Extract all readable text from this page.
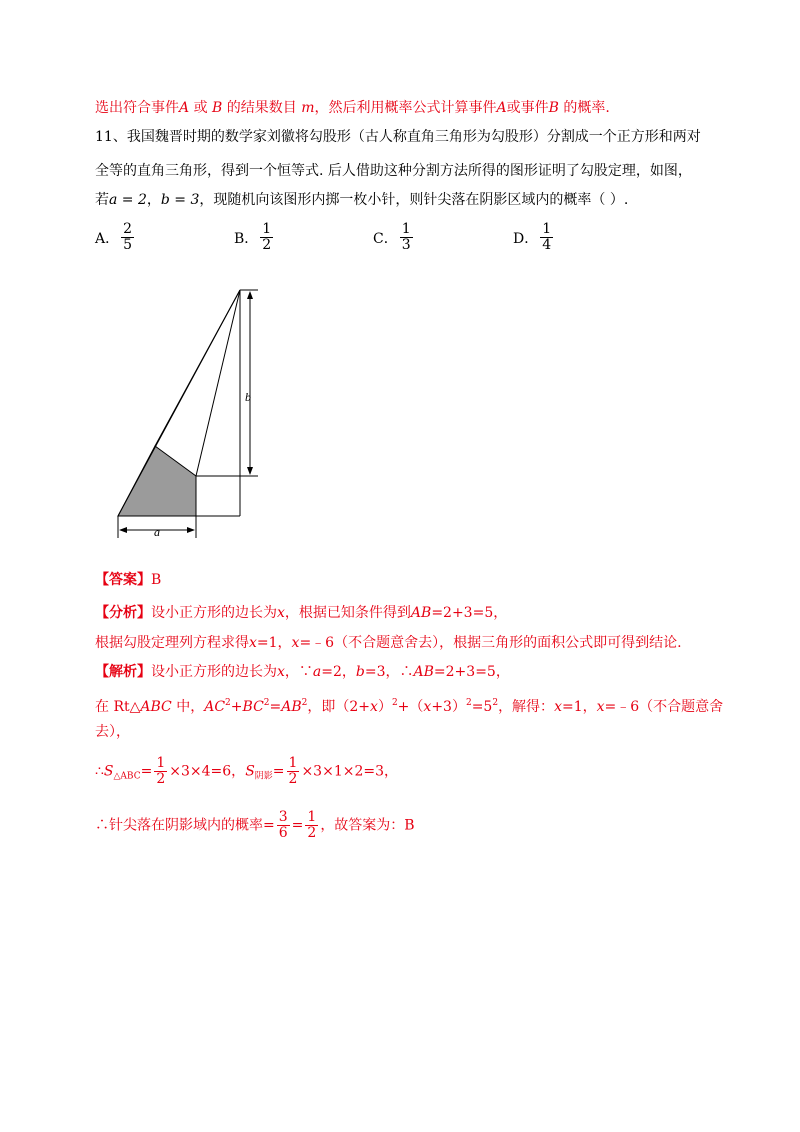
选出符合事件A 或 B 的结果数目 m，然后利用概率公式计算事件A或事件B 的概率.
11、我国魏晋时期的数学家刘徽将勾股形（古人称直角三角形为勾股形）分割成一个正方形和两对
全等的直角三角形，得到一个恒等式. 后人借助这种分割方法所得的图形证明了勾股定理，如图，
若a = 2，b = 3，现随机向该图形内掷一枚小针，则针尖落在阴影区域内的概率（ ）.
A． $\frac{2}{5}$	B． $\frac{1}{2}$	C． $\frac{1}{3}$	D． $\frac{1}{4}$
b
a
【答案】B
【分析】设小正方形的边长为x，根据已知条件得到AB=2+3=5，
根据勾股定理列方程求得x=1，x=﹣6（不合题意舍去），根据三角形的面积公式即可得到结论.
【解析】设小正方形的边长为x，∵a=2，b=3，∴AB=2+3=5，
在 Rt△ABC 中，$AC^2+BC^2=AB^2$，即$(2+x)^2+(x+3)^2=5^2$，解得：x=1，x=﹣6（不合题意舍
去），
$\therefore S_{\triangle ABC}= \frac{1}{2} \times 3\times 4=6$，$S_{阴影}= \frac{1}{2} \times 3\times 1\times 2=3$，
∴针尖落在阴影域内的概率= $\frac{3}{6} = \frac{1}{2}$ ，故答案为：B
